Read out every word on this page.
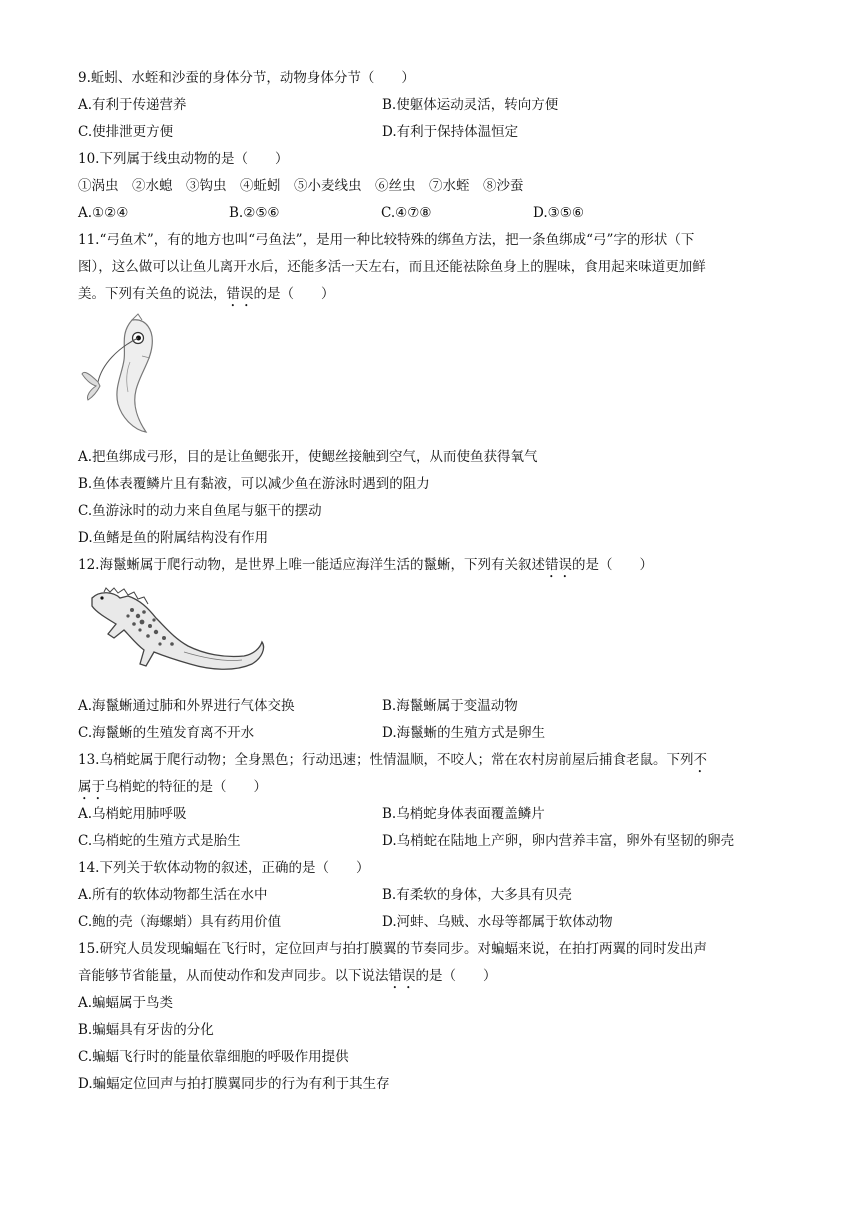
9.蚯蚓、水蛭和沙蚕的身体分节，动物身体分节（　　）
A.有利于传递营养	B.使躯体运动灵活，转向方便
C.使排泄更方便	D.有利于保持体温恒定
10.下列属于线虫动物的是（　　）
①涡虫　②水螅　③钩虫　④蚯蚓　⑤小麦线虫　⑥丝虫　⑦水蛭　⑧沙蚕
A.①②④	B.②⑤⑥	C.④⑦⑧	D.③⑤⑥
11.“弓鱼术”，有的地方也叫“弓鱼法”，是用一种比较特殊的绑鱼方法，把一条鱼绑成“弓”字的形状（下
图），这么做可以让鱼儿离开水后，还能多活一天左右，而且还能祛除鱼身上的腥味，食用起来味道更加鲜
美。下列有关鱼的说法，错误的是（　　）
A.把鱼绑成弓形，目的是让鱼鳃张开，使鳃丝接触到空气，从而使鱼获得氧气
B.鱼体表覆鳞片且有黏液，可以减少鱼在游泳时遇到的阻力
C.鱼游泳时的动力来自鱼尾与躯干的摆动
D.鱼鳍是鱼的附属结构没有作用
12.海鬣蜥属于爬行动物，是世界上唯一能适应海洋生活的鬣蜥，下列有关叙述错误的是（　　）
A.海鬣蜥通过肺和外界进行气体交换	B.海鬣蜥属于变温动物
C.海鬣蜥的生殖发育离不开水	D.海鬣蜥的生殖方式是卵生
13.乌梢蛇属于爬行动物；全身黑色；行动迅速；性情温顺，不咬人；常在农村房前屋后捕食老鼠。下列不
属于乌梢蛇的特征的是（　　）
A.乌梢蛇用肺呼吸	B.乌梢蛇身体表面覆盖鳞片
C.乌梢蛇的生殖方式是胎生	D.乌梢蛇在陆地上产卵，卵内营养丰富，卵外有坚韧的卵壳
14.下列关于软体动物的叙述，正确的是（　　）
A.所有的软体动物都生活在水中	B.有柔软的身体，大多具有贝壳
C.鲍的壳（海螺蛸）具有药用价值	D.河蚌、乌贼、水母等都属于软体动物
15.研究人员发现蝙蝠在飞行时，定位回声与拍打膜翼的节奏同步。对蝙蝠来说，在拍打两翼的同时发出声
音能够节省能量，从而使动作和发声同步。以下说法错误的是（　　）
A.蝙蝠属于鸟类
B.蝙蝠具有牙齿的分化
C.蝙蝠飞行时的能量依靠细胞的呼吸作用提供
D.蝙蝠定位回声与拍打膜翼同步的行为有利于其生存
